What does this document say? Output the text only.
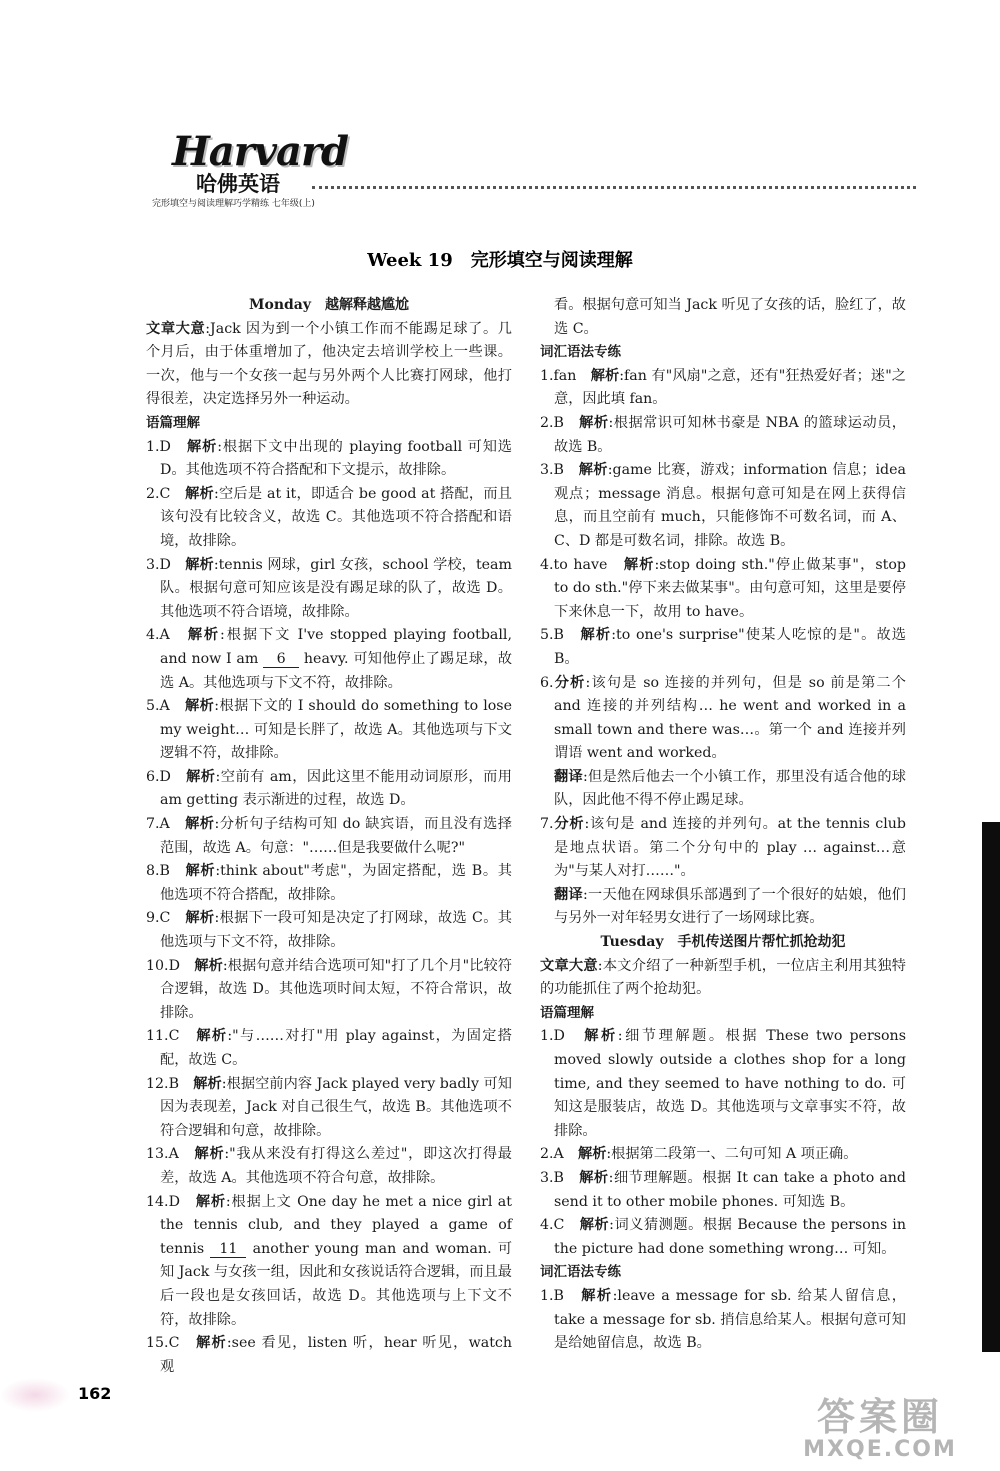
Harvard
哈佛英语
完形填空与阅读理解巧学精练 七年级(上)
Week 19　完形填空与阅读理解

Monday　越解释越尴尬

文章大意:Jack 因为到一个小镇工作而不能踢足球了。几个月后，由于体重增加了，他决定去培训学校上一些课。一次，他与一个女孩一起与另外两个人比赛打网球，他打得很差，决定选择另外一种运动。

语篇理解

1.D　 解析:根据下文中出现的 playing football 可知选 D。其他选项不符合搭配和下文提示，故排除。

2.C　 解析:空后是 at it，即适合 be good at 搭配，而且该句没有比较含义，故选 C。其他选项不符合搭配和语境，故排除。

3.D　 解析:tennis 网球，girl 女孩，school 学校，team 队。根据句意可知应该是没有踢足球的队了，故选 D。其他选项不符合语境，故排除。

4.A　 解析:根据下文 I've stopped playing football, and now I am 6 heavy. 可知他停止了踢足球，故选 A。其他选项与下文不符，故排除。

5.A　 解析:根据下文的 I should do something to lose my weight… 可知是长胖了，故选 A。其他选项与下文逻辑不符，故排除。

6.D　 解析:空前有 am，因此这里不能用动词原形，而用 am getting 表示渐进的过程，故选 D。

7.A　 解析:分析句子结构可知 do 缺宾语，而且没有选择范围，故选 A。句意："……但是我要做什么呢?"

8.B　 解析:think about"考虑"，为固定搭配，选 B。其他选项不符合搭配，故排除。

9.C　 解析:根据下一段可知是决定了打网球，故选 C。其他选项与下文不符，故排除。

10.D　 解析:根据句意并结合选项可知"打了几个月"比较符合逻辑，故选 D。其他选项时间太短，不符合常识，故排除。

11.C　 解析:"与……对打"用 play against，为固定搭配，故选 C。

12.B　 解析:根据空前内容 Jack played very badly 可知因为表现差，Jack 对自己很生气，故选 B。其他选项不符合逻辑和句意，故排除。

13.A　 解析:"我从来没有打得这么差过"，即这次打得最差，故选 A。其他选项不符合句意，故排除。

14.D　 解析:根据上文 One day he met a nice girl at the tennis club, and they played a game of tennis 11 another young man and woman. 可知 Jack 与女孩一组，因此和女孩说话符合逻辑，而且最后一段也是女孩回话，故选 D。其他选项与上下文不符，故排除。

15.C　 解析:see 看见，listen 听，hear 听见，watch 观

看。根据句意可知当 Jack 听见了女孩的话，脸红了，故选 C。

词汇语法专练

1.fan　 解析:fan 有"风扇"之意，还有"狂热爱好者；迷"之意，因此填 fan。

2.B　 解析:根据常识可知林书豪是 NBA 的篮球运动员，故选 B。

3.B　 解析:game 比赛，游戏；information 信息；idea 观点；message 消息。根据句意可知是在网上获得信息，而且空前有 much，只能修饰不可数名词，而 A、C、D 都是可数名词，排除。故选 B。

4.to have　 解析:stop doing sth."停止做某事"，stop to do sth."停下来去做某事"。由句意可知，这里是要停下来休息一下，故用 to have。

5.B　 解析:to one's surprise"使某人吃惊的是"。故选 B。

6.分析:该句是 so 连接的并列句，但是 so 前是第二个 and 连接的并列结构… he went and worked in a small town and there was…。第一个 and 连接并列谓语 went and worked。

翻译:但是然后他去一个小镇工作，那里没有适合他的球队，因此他不得不停止踢足球。

7.分析:该句是 and 连接的并列句。at the tennis club 是地点状语。第二个分句中的 play … against…意为"与某人对打……"。

翻译:一天他在网球俱乐部遇到了一个很好的姑娘，他们与另外一对年轻男女进行了一场网球比赛。

Tuesday　手机传送图片帮忙抓抢劫犯

文章大意:本文介绍了一种新型手机，一位店主利用其独特的功能抓住了两个抢劫犯。

语篇理解

1.D　 解析:细节理解题。根据 These two persons moved slowly outside a clothes shop for a long time, and they seemed to have nothing to do. 可知这是服装店，故选 D。其他选项与文章事实不符，故排除。

2.A　 解析:根据第二段第一、二句可知 A 项正确。

3.B　 解析:细节理解题。根据 It can take a photo and send it to other mobile phones. 可知选 B。

4.C　 解析:词义猜测题。根据 Because the persons in the picture had done something wrong… 可知。

词汇语法专练

1.B　 解析:leave a message for sb. 给某人留信息，take a message for sb. 捎信息给某人。根据句意可知是给她留信息，故选 B。

162
答案圈
MXQE.COM
